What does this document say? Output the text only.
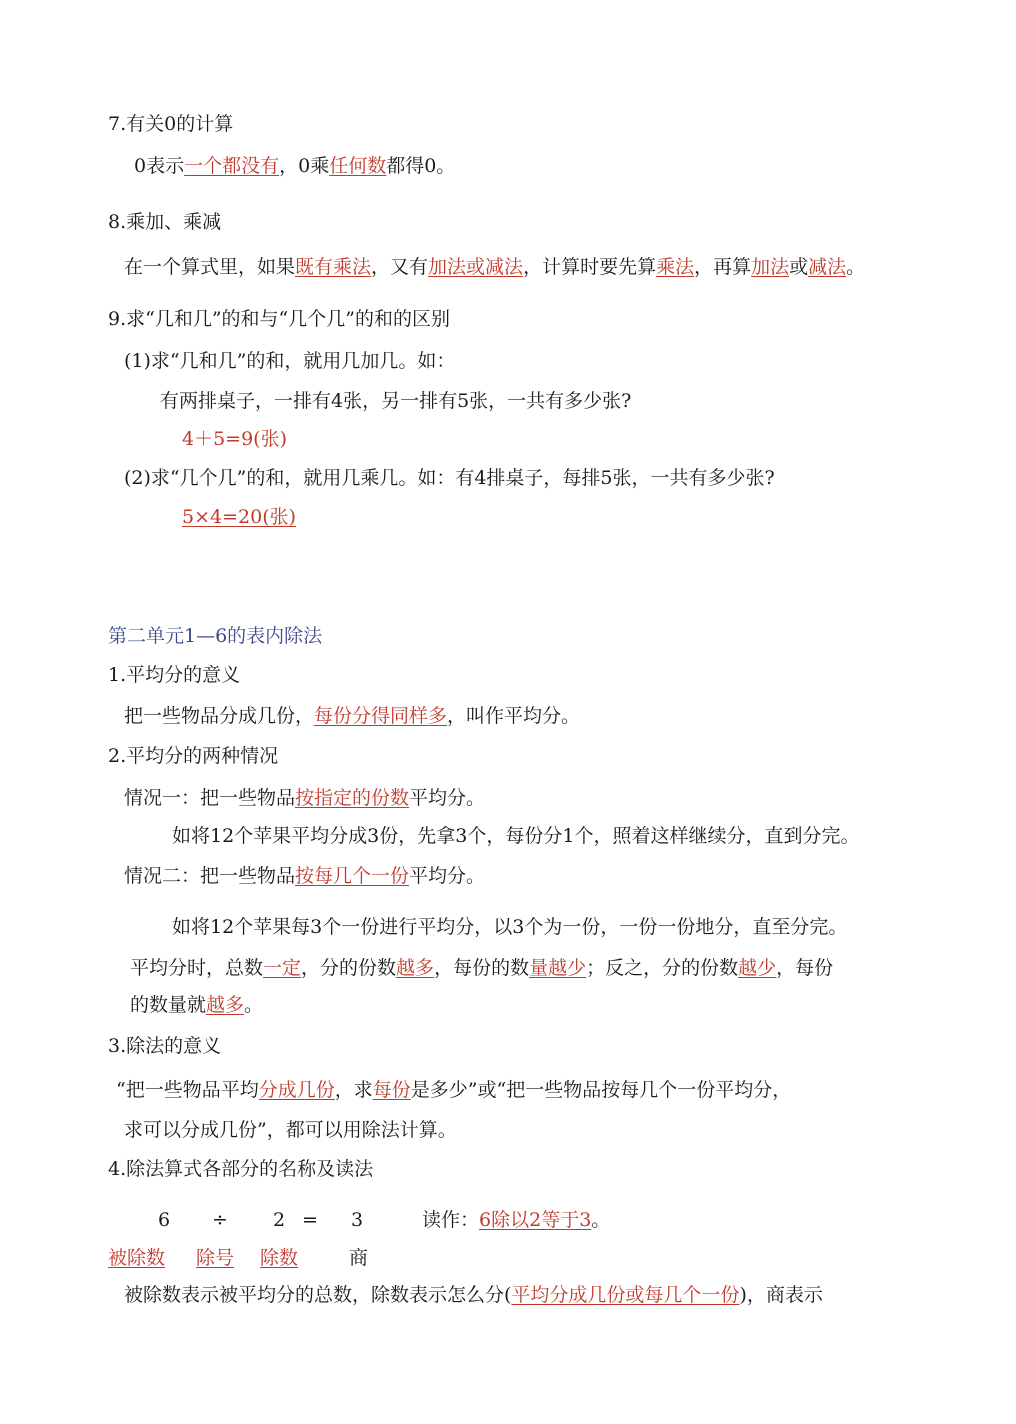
7.有关0的计算
0表示一个都没有，0乘任何数都得0。
8.乘加、乘减
在一个算式里，如果既有乘法，又有加法或减法，计算时要先算乘法，再算加法或减法。
9.求“几和几”的和与“几个几”的和的区别
(1)求“几和几”的和，就用几加几。如：
有两排桌子，一排有4张，另一排有5张，一共有多少张?
4＋5=9(张)
(2)求“几个几”的和，就用几乘几。如：有4排桌子，每排5张，一共有多少张?
5×4=20(张)
第二单元1—6的表内除法
1.平均分的意义
把一些物品分成几份，每份分得同样多，叫作平均分。
2.平均分的两种情况
情况一：把一些物品按指定的份数平均分。
如将12个苹果平均分成3份，先拿3个，每份分1个，照着这样继续分，直到分完。
情况二：把一些物品按每几个一份平均分。
如将12个苹果每3个一份进行平均分，以3个为一份，一份一份地分，直至分完。
平均分时，总数一定，分的份数越多，每份的数量越少；反之，分的份数越少，每份
的数量就越多。
3.除法的意义
“把一些物品平均分成几份，求每份是多少”或“把一些物品按每几个一份平均分，
求可以分成几份”，都可以用除法计算。
4.除法算式各部分的名称及读法
6 ÷ 2 = 3	读作：6除以2等于3。
被除数 除号 除数	商
被除数表示被平均分的总数，除数表示怎么分(平均分成几份或每几个一份)，商表示
